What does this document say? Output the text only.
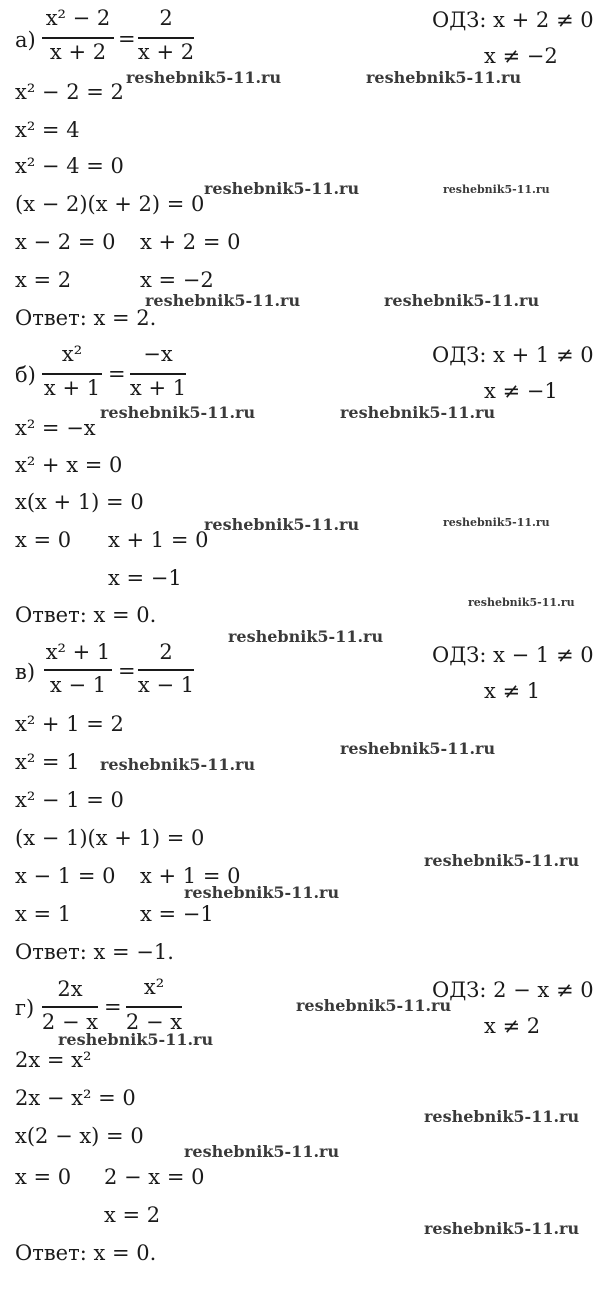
а)
x² − 2
x + 2
=
2
x + 2
ОДЗ: x + 2 ≠ 0
x ≠ −2
x² − 2 = 2
x² = 4
x² − 4 = 0
(x − 2)(x + 2) = 0
x − 2 = 0 x + 2 = 0
x = 2	x = −2
Ответ: x = 2.
б)
x²
x + 1
=
−x
x + 1
ОДЗ: x + 1 ≠ 0
x ≠ −1
x² = −x
x² + x = 0
x(x + 1) = 0
x = 0 x + 1 = 0
x = −1
Ответ: x = 0.
в)
x² + 1
x − 1
=
2
x − 1
ОДЗ: x − 1 ≠ 0
x ≠ 1
x² + 1 = 2
x² = 1
x² − 1 = 0
(x − 1)(x + 1) = 0
x − 1 = 0 x + 1 = 0
x = 1	x = −1
Ответ: x = −1.
г)
2x
2 − x
=
x²
2 − x
ОДЗ: 2 − x ≠ 0
x ≠ 2
2x = x²
2x − x² = 0
x(2 − x) = 0
x = 0 2 − x = 0
x = 2
Ответ: x = 0.
reshebnik5-11.ru	reshebnik5-11.ru
reshebnik5-11.ru	reshebnik5-11.ru
reshebnik5-11.ru	reshebnik5-11.ru
reshebnik5-11.ru	reshebnik5-11.ru
reshebnik5-11.ru	reshebnik5-11.ru
reshebnik5-11.ru
reshebnik5-11.ru
reshebnik5-11.ru
reshebnik5-11.ru
reshebnik5-11.ru
reshebnik5-11.ru
reshebnik5-11.ru
reshebnik5-11.ru
reshebnik5-11.ru
reshebnik5-11.ru
reshebnik5-11.ru
